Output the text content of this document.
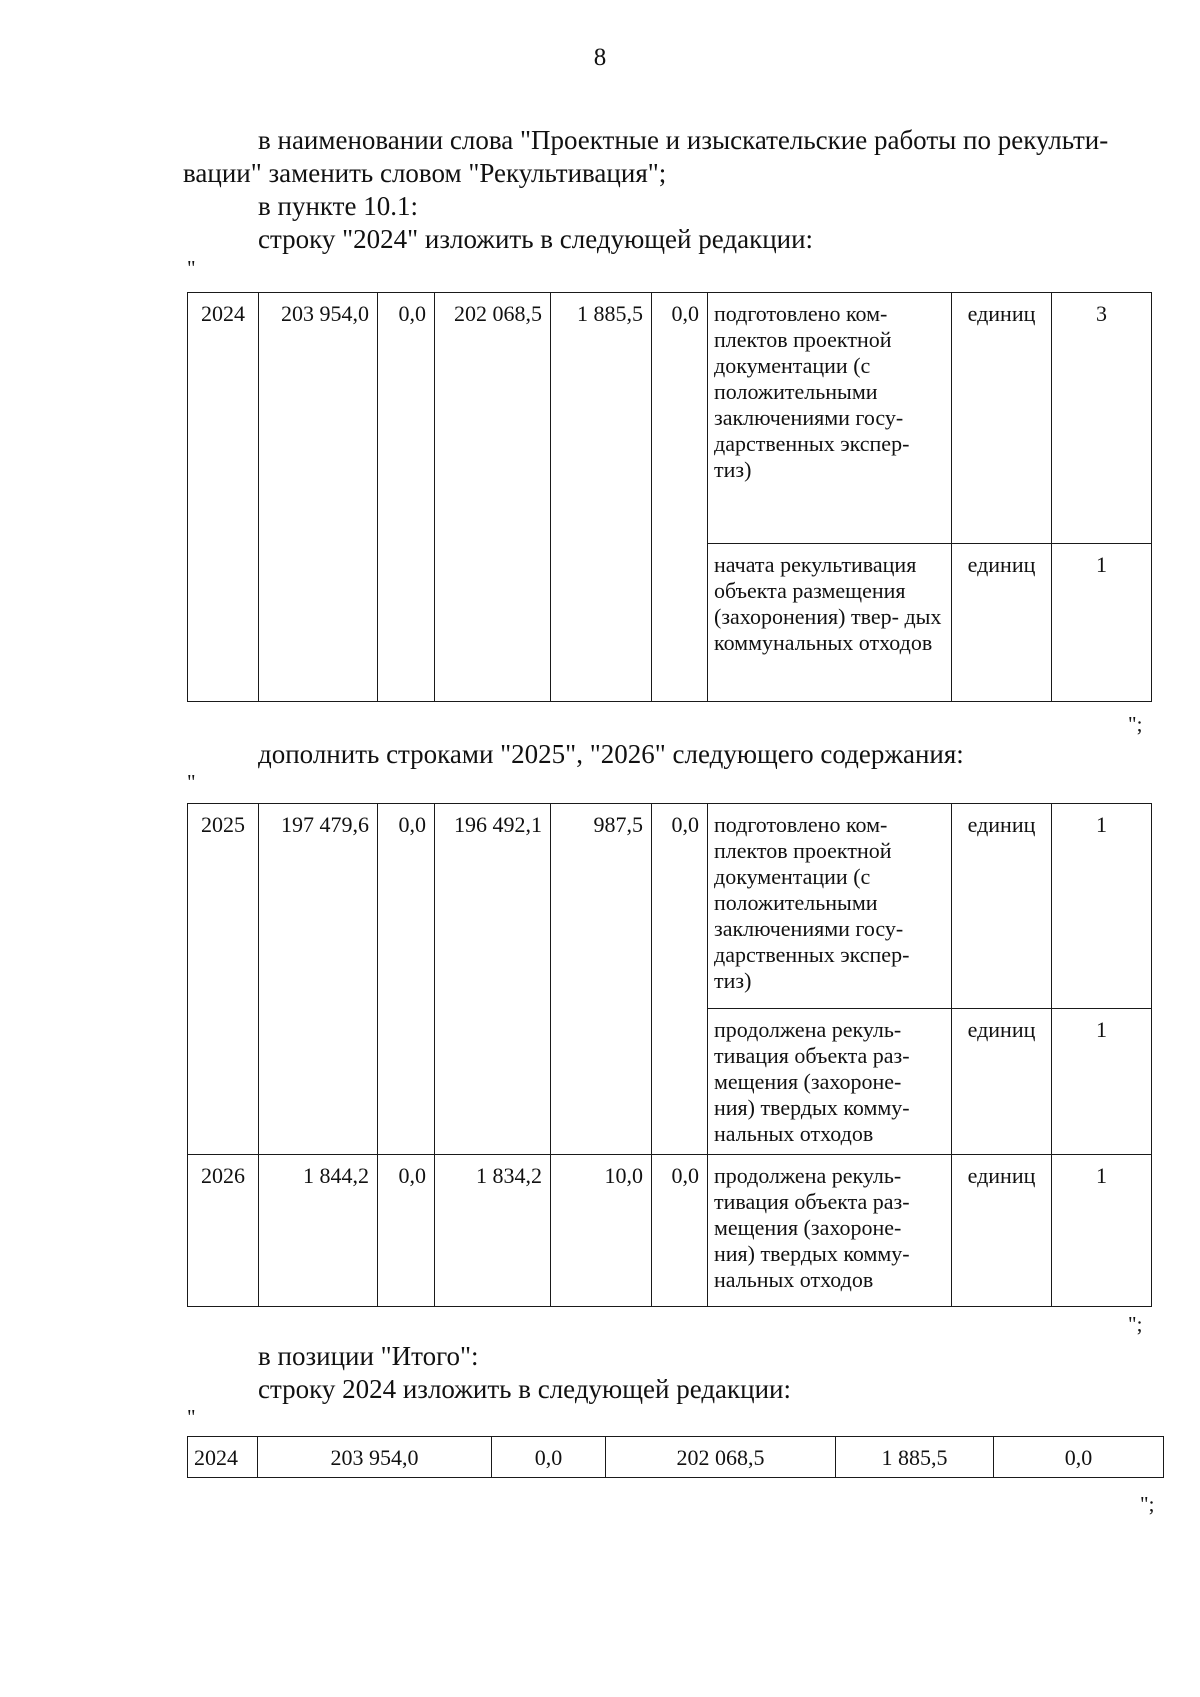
8
в наименовании слова "Проектные и изыскательские работы по рекульти-
вации" заменить словом "Рекультивация";
в пункте 10.1:
строку "2024" изложить в следующей редакции:
"
2024	203 954,0	0,0	202 068,5	1 885,5	0,0	подготовлено ком- плектов проектной документации (с положительными заключениями госу- дарственных экспер- тиз)	единиц	3
						начата рекультивация объекта размещения (захоронения) твер- дых коммунальных отходов	единиц	1
";
дополнить строками "2025", "2026" следующего содержания:
"
2025	197 479,6	0,0	196 492,1	987,5	0,0	подготовлено ком- плектов проектной документации (с положительными заключениями госу- дарственных экспер- тиз)	единиц	1
						продолжена рекуль- тивация объекта раз- мещения (захороне- ния) твердых комму- нальных отходов	единиц	1
2026	1 844,2	0,0	1 834,2	10,0	0,0	продолжена рекуль- тивация объекта раз- мещения (захороне- ния) твердых комму- нальных отходов	единиц	1
";
в позиции "Итого":
строку 2024 изложить в следующей редакции:
"
2024	203 954,0	0,0	202 068,5	1 885,5	0,0
";
